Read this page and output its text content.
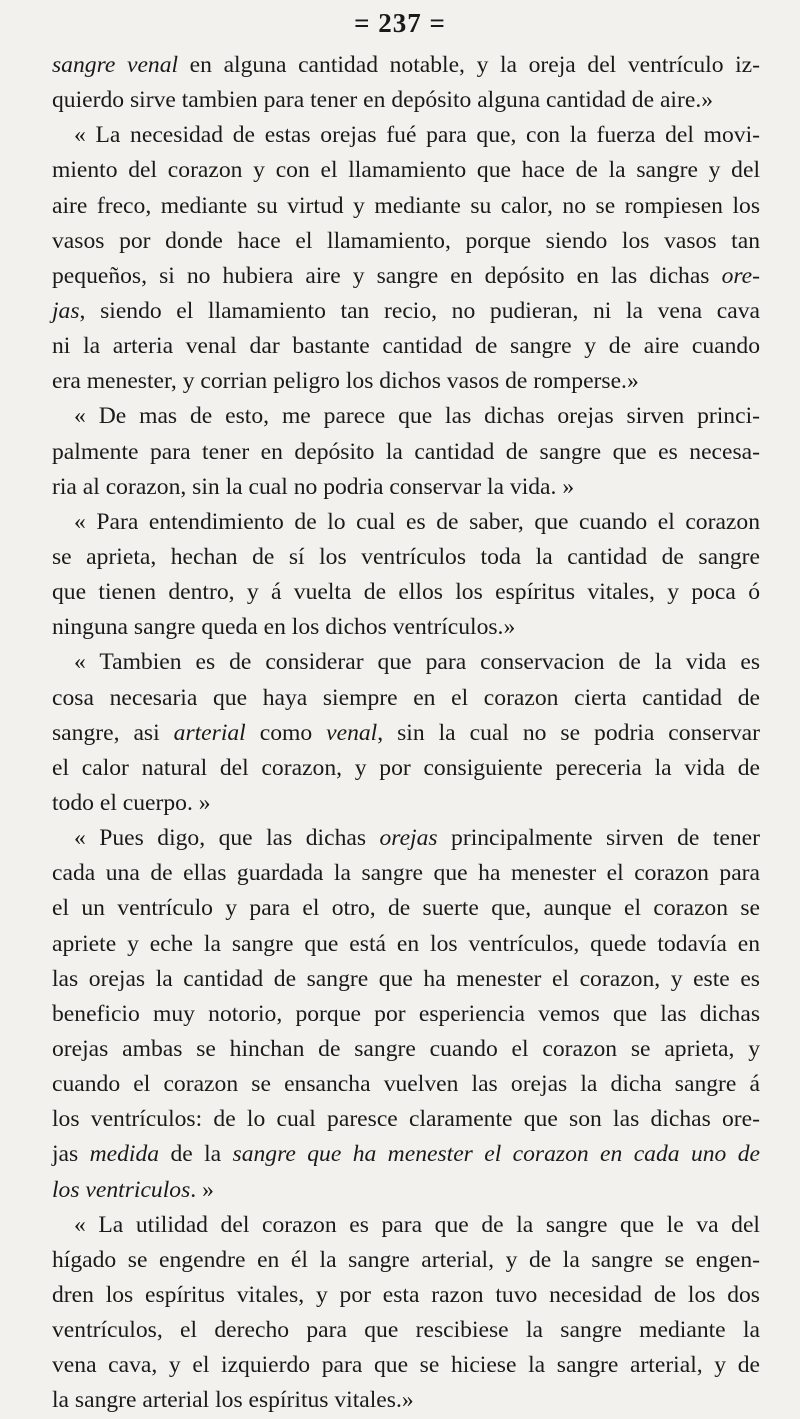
= 237 =
sangre venal en alguna cantidad notable, y la oreja del ventrículo iz-
quierdo sirve tambien para tener en depósito alguna cantidad de aire.»
« La necesidad de estas orejas fué para que, con la fuerza del movi-
miento del corazon y con el llamamiento que hace de la sangre y del
aire freco, mediante su virtud y mediante su calor, no se rompiesen los
vasos por donde hace el llamamiento, porque siendo los vasos tan
pequeños, si no hubiera aire y sangre en depósito en las dichas ore-
jas, siendo el llamamiento tan recio, no pudieran, ni la vena cava
ni la arteria venal dar bastante cantidad de sangre y de aire cuando
era menester, y corrian peligro los dichos vasos de romperse.»
« De mas de esto, me parece que las dichas orejas sirven princi-
palmente para tener en depósito la cantidad de sangre que es necesa-
ria al corazon, sin la cual no podria conservar la vida. »
« Para entendimiento de lo cual es de saber, que cuando el corazon
se aprieta, hechan de sí los ventrículos toda la cantidad de sangre
que tienen dentro, y á vuelta de ellos los espíritus vitales, y poca ó
ninguna sangre queda en los dichos ventrículos.»
« Tambien es de considerar que para conservacion de la vida es
cosa necesaria que haya siempre en el corazon cierta cantidad de
sangre, asi arterial como venal, sin la cual no se podria conservar
el calor natural del corazon, y por consiguiente pereceria la vida de
todo el cuerpo. »
« Pues digo, que las dichas orejas principalmente sirven de tener
cada una de ellas guardada la sangre que ha menester el corazon para
el un ventrículo y para el otro, de suerte que, aunque el corazon se
apriete y eche la sangre que está en los ventrículos, quede todavía en
las orejas la cantidad de sangre que ha menester el corazon, y este es
beneficio muy notorio, porque por esperiencia vemos que las dichas
orejas ambas se hinchan de sangre cuando el corazon se aprieta, y
cuando el corazon se ensancha vuelven las orejas la dicha sangre á
los ventrículos: de lo cual paresce claramente que son las dichas ore-
jas medida de la sangre que ha menester el corazon en cada uno de
los ventriculos. »
« La utilidad del corazon es para que de la sangre que le va del
hígado se engendre en él la sangre arterial, y de la sangre se engen-
dren los espíritus vitales, y por esta razon tuvo necesidad de los dos
ventrículos, el derecho para que rescibiese la sangre mediante la
vena cava, y el izquierdo para que se hiciese la sangre arterial, y de
la sangre arterial los espíritus vitales.»
